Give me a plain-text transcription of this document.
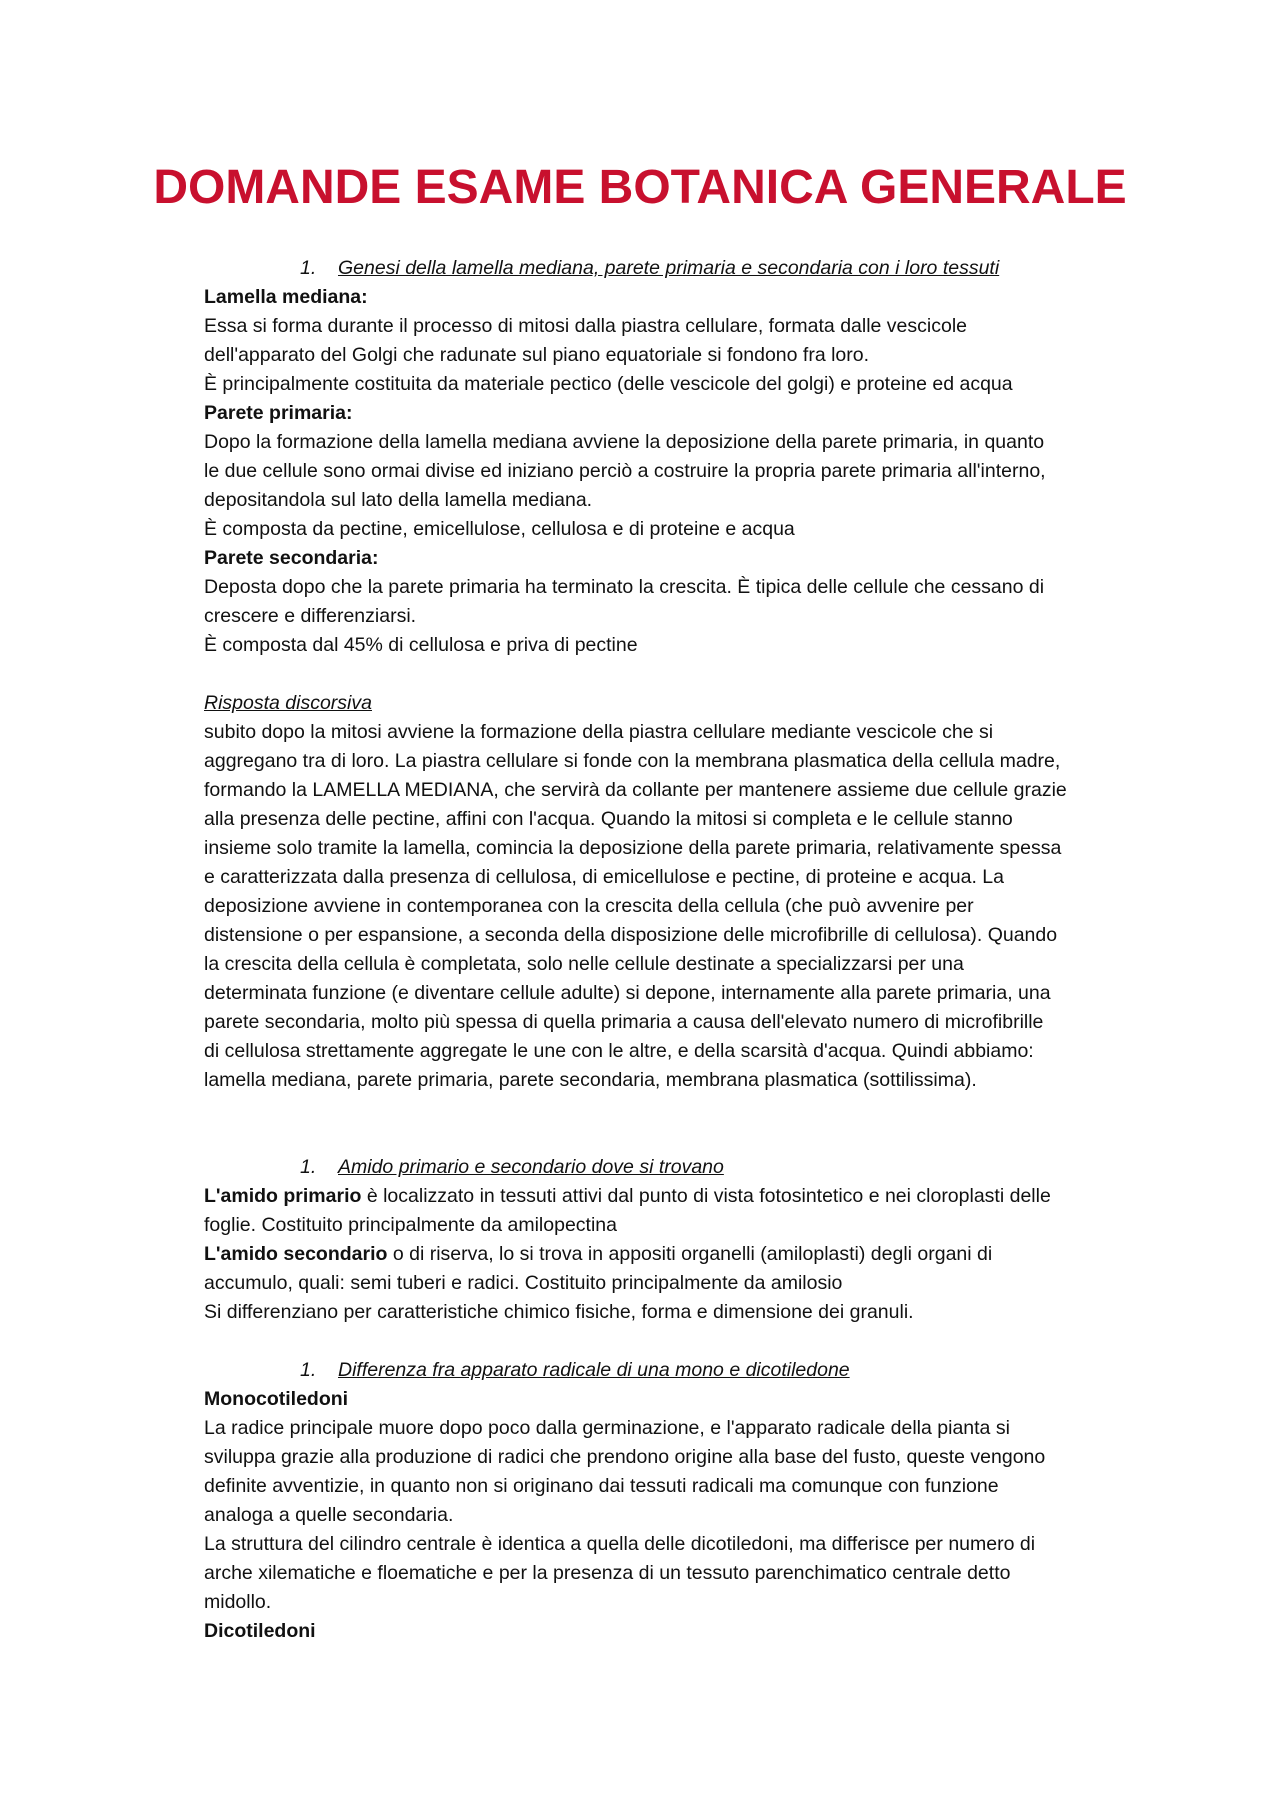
DOMANDE ESAME BOTANICA GENERALE
1. Genesi della lamella mediana, parete primaria e secondaria con i loro tessuti
Lamella mediana:
Essa si forma durante il processo di mitosi dalla piastra cellulare, formata dalle vescicole
dell'apparato del Golgi che radunate sul piano equatoriale si fondono fra loro.
È principalmente costituita da materiale pectico (delle vescicole del golgi) e proteine ed acqua
Parete primaria:
Dopo la formazione della lamella mediana avviene la deposizione della parete primaria, in quanto
le due cellule sono ormai divise ed iniziano perciò a costruire la propria parete primaria all'interno,
depositandola sul lato della lamella mediana.
È composta da pectine, emicellulose, cellulosa e di proteine e acqua
Parete secondaria:
Deposta dopo che la parete primaria ha terminato la crescita. È tipica delle cellule che cessano di
crescere e differenziarsi.
È composta dal 45% di cellulosa e priva di pectine
Risposta discorsiva
subito dopo la mitosi avviene la formazione della piastra cellulare mediante vescicole che si
aggregano tra di loro. La piastra cellulare si fonde con la membrana plasmatica della cellula madre,
formando la LAMELLA MEDIANA, che servirà da collante per mantenere assieme due cellule grazie
alla presenza delle pectine, affini con l'acqua. Quando la mitosi si completa e le cellule stanno
insieme solo tramite la lamella, comincia la deposizione della parete primaria, relativamente spessa
e caratterizzata dalla presenza di cellulosa, di emicellulose e pectine, di proteine e acqua. La
deposizione avviene in contemporanea con la crescita della cellula (che può avvenire per
distensione o per espansione, a seconda della disposizione delle microfibrille di cellulosa). Quando
la crescita della cellula è completata, solo nelle cellule destinate a specializzarsi per una
determinata funzione (e diventare cellule adulte) si depone, internamente alla parete primaria, una
parete secondaria, molto più spessa di quella primaria a causa dell'elevato numero di microfibrille
di cellulosa strettamente aggregate le une con le altre, e della scarsità d'acqua. Quindi abbiamo:
lamella mediana, parete primaria, parete secondaria, membrana plasmatica (sottilissima).
1. Amido primario e secondario dove si trovano
L'amido primario è localizzato in tessuti attivi dal punto di vista fotosintetico e nei cloroplasti delle
foglie. Costituito principalmente da amilopectina
L'amido secondario o di riserva, lo si trova in appositi organelli (amiloplasti) degli organi di
accumulo, quali: semi tuberi e radici. Costituito principalmente da amilosio
Si differenziano per caratteristiche chimico fisiche, forma e dimensione dei granuli.
1. Differenza fra apparato radicale di una mono e dicotiledone
Monocotiledoni
La radice principale muore dopo poco dalla germinazione, e l'apparato radicale della pianta si
sviluppa grazie alla produzione di radici che prendono origine alla base del fusto, queste vengono
definite avventizie, in quanto non si originano dai tessuti radicali ma comunque con funzione
analoga a quelle secondaria.
La struttura del cilindro centrale è identica a quella delle dicotiledoni, ma differisce per numero di
arche xilematiche e floematiche e per la presenza di un tessuto parenchimatico centrale detto
midollo.
Dicotiledoni
